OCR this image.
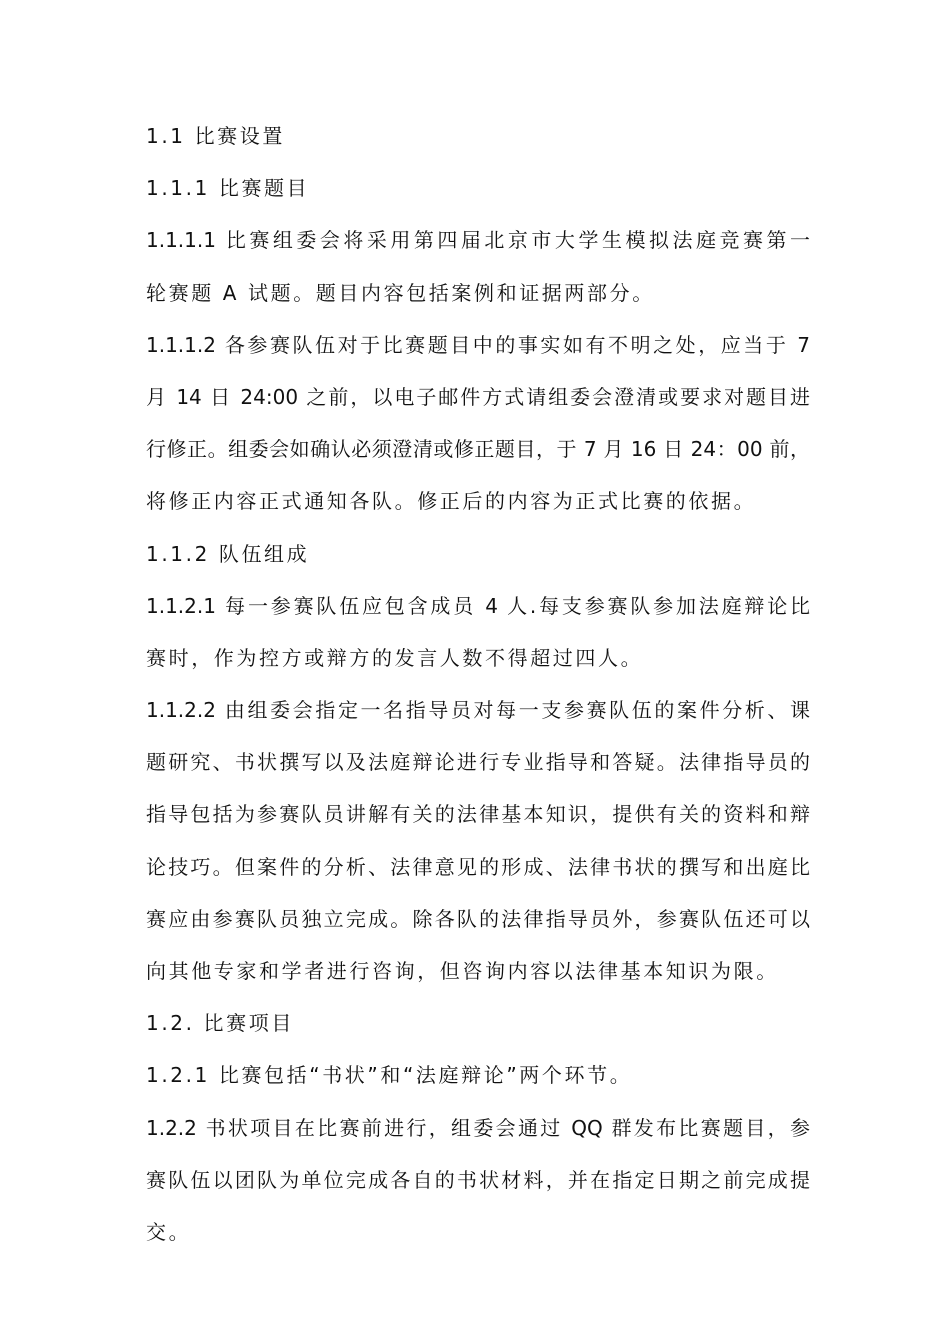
1.1 比赛设置
1.1.1 比赛题目
1.1.1.1 比赛组委会将采用第四届北京市大学生模拟法庭竞赛第一
轮赛题 A 试题。题目内容包括案例和证据两部分。
1.1.1.2 各参赛队伍对于比赛题目中的事实如有不明之处，应当于 7
月 14 日 24:00 之前，以电子邮件方式请组委会澄清或要求对题目进
行修正。组委会如确认必须澄清或修正题目，于 7 月 16 日 24：00 前，
将修正内容正式通知各队。修正后的内容为正式比赛的依据。
1.1.2 队伍组成
1.1.2.1 每一参赛队伍应包含成员 4 人.每支参赛队参加法庭辩论比
赛时，作为控方或辩方的发言人数不得超过四人。
1.1.2.2 由组委会指定一名指导员对每一支参赛队伍的案件分析、课
题研究、书状撰写以及法庭辩论进行专业指导和答疑。法律指导员的
指导包括为参赛队员讲解有关的法律基本知识，提供有关的资料和辩
论技巧。但案件的分析、法律意见的形成、法律书状的撰写和出庭比
赛应由参赛队员独立完成。除各队的法律指导员外，参赛队伍还可以
向其他专家和学者进行咨询，但咨询内容以法律基本知识为限。
1.2. 比赛项目
1.2.1 比赛包括“书状”和“法庭辩论”两个环节。
1.2.2 书状项目在比赛前进行，组委会通过 QQ 群发布比赛题目，参
赛队伍以团队为单位完成各自的书状材料，并在指定日期之前完成提
交。
